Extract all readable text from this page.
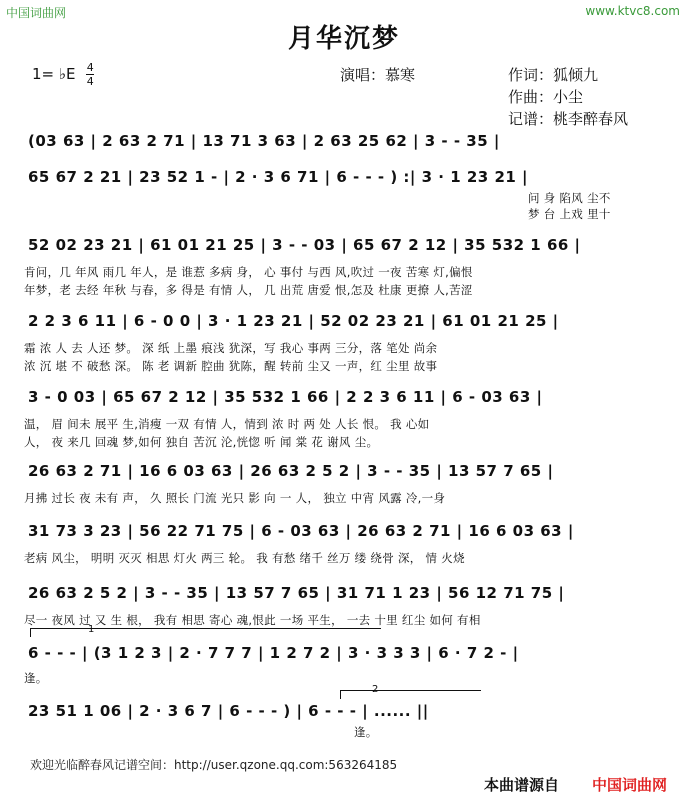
中国词曲网	www.ktvc8.com
月华沉梦
1= ♭E $\frac{4}{4}$	演唱：慕寒	作词：狐倾九
作曲：小尘
记谱：桃李醉春风
(03 63 | 2 63 2 71 | 13 71 3 63 | 2 63 25 62 | 3 - - 35 |
65 67 2 21 | 23 52 1 - | 2 · 3 6 71 | 6 - - - ) :| 3 · 1 23 21 |
问 身 陷风 尘不
梦 台 上戏 里十
52 02 23 21 | 61 01 21 25 | 3 - - 03 | 65 67 2 12 | 35 532 1 66 |
肯问，几 年风 雨几 年人，是 谁惹 多病 身， 心 事付 与西 风,吹过 一夜 苦寒 灯,偏恨
年梦，老 去经 年秋 与春，多 得是 有情 人， 几 出荒 唐爱 恨,怎及 杜康 更撩 人,苦涩
2 2 3 6 11 | 6 - 0 0 | 3 · 1 23 21 | 52 02 23 21 | 61 01 21 25 |
霜 浓 人 去 人还 梦。 深 纸 上墨 痕浅 犹深，写 我心 事两 三分，落 笔处 尚余
浓 沉 堪 不 破愁 深。 陈 老 调新 腔曲 犹陈，醒 转前 尘又 一声，红 尘里 故事
3 - 0 03 | 65 67 2 12 | 35 532 1 66 | 2 2 3 6 11 | 6 - 03 63 |
温， 眉 间未 展平 生,消瘦 一双 有情 人，情到 浓 时 两 处 人长 恨。 我 心如
人， 夜 来几 回魂 梦,如何 独自 苦沉 沦,恍惚 听 闻 棠 花 谢风 尘。
26 63 2 71 | 16 6 03 63 | 26 63 2 5 2 | 3 - - 35 | 13 57 7 65 |
月拂 过长 夜 未有 声， 久 照长 门流 光只 影 向 一 人， 独立 中宵 风露 冷,一身
31 73 3 23 | 56 22 71 75 | 6 - 03 63 | 26 63 2 71 | 16 6 03 63 |
老病 风尘， 明明 灭灭 相思 灯火 两三 轮。 我 有愁 绪千 丝万 缕 绕骨 深， 情 火烧
26 63 2 5 2 | 3 - - 35 | 13 57 7 65 | 31 71 1 23 | 56 12 71 75 |
尽一 夜风 过 又 生 根， 我有 相思 寄心 魂,恨此 一场 平生， 一去 十里 红尘 如何 有相
1
6 - - - | (3 1 2 3 | 2 · 7 7 7 | 1 2 7 2 | 3 · 3 3 3 | 6 · 7 2 - |
逢。
2
23 51 1 06 | 2 · 3 6 7 | 6 - - - ) | 6 - - - | ...... ||
逢。
欢迎光临醉春风记谱空间：http://user.qzone.qq.com:563264185
本曲谱源自 中国词曲网
